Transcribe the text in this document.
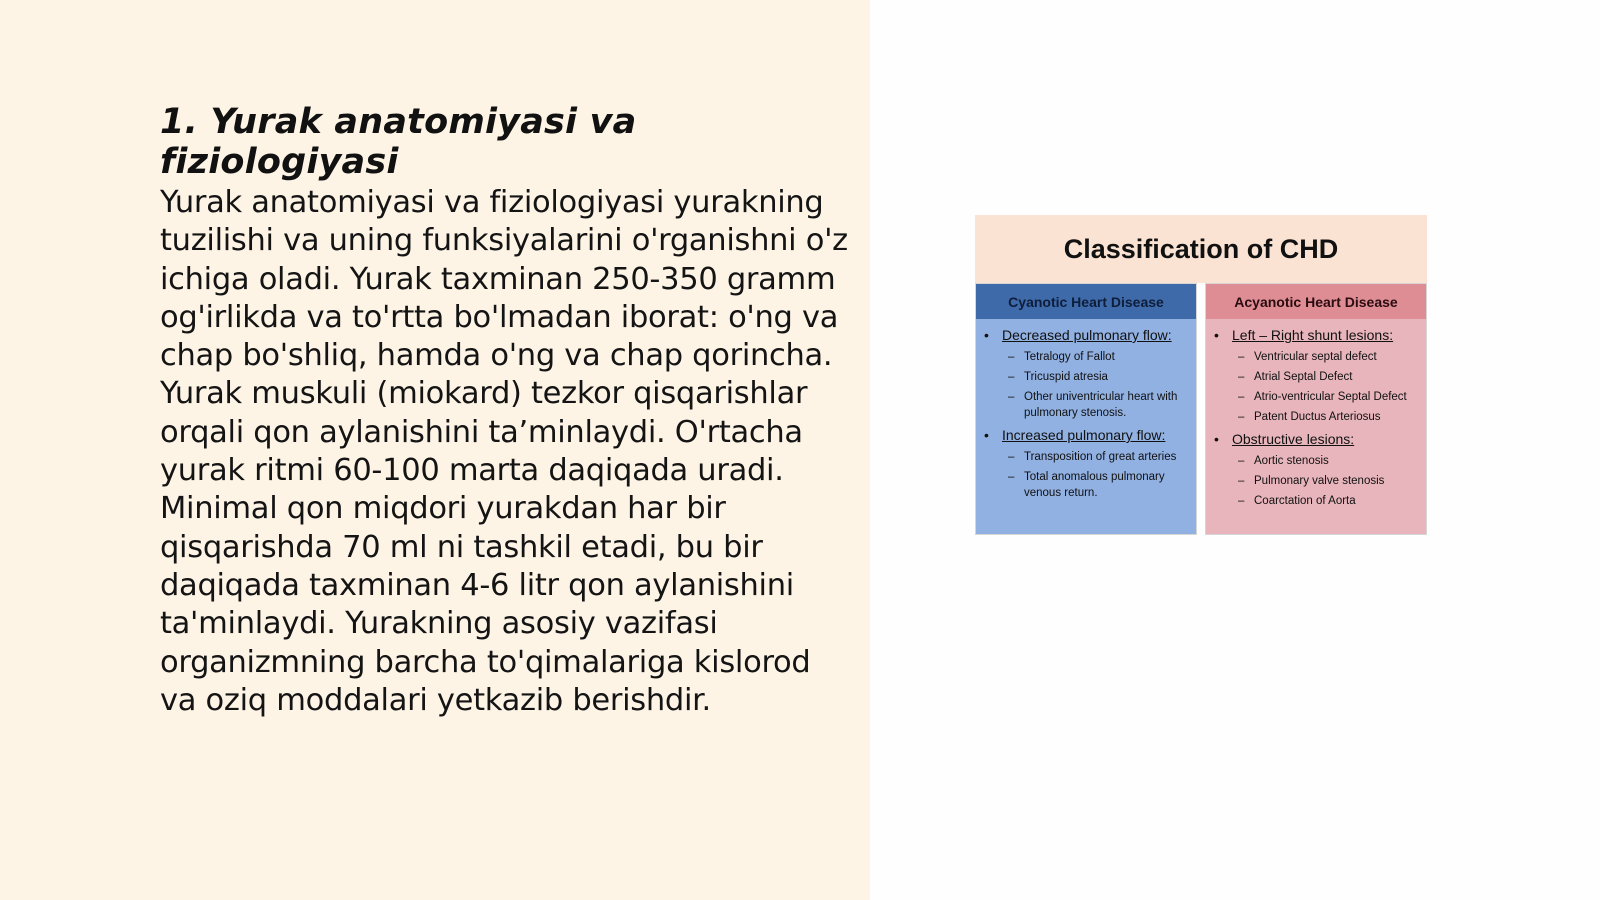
1. Yurak anatomiyasi va fiziologiyasi

Yurak anatomiyasi va fiziologiyasi yurakning tuzilishi va uning funksiyalarini o'rganishni o'z ichiga oladi. Yurak taxminan 250-350 gramm og'irlikda va to'rtta bo'lmadan iborat: o'ng va chap bo'shliq, hamda o'ng va chap qorincha. Yurak muskuli (miokard) tezkor qisqarishlar orqali qon aylanishini ta’minlaydi. O'rtacha yurak ritmi 60-100 marta daqiqada uradi. Minimal qon miqdori yurakdan har bir qisqarishda 70 ml ni tashkil etadi, bu bir daqiqada taxminan 4-6 litr qon aylanishini ta'minlaydi. Yurakning asosiy vazifasi organizmning barcha to'qimalariga kislorod va oziq moddalari yetkazib berishdir.

Classification of CHD
Cyanotic Heart Disease
• Decreased pulmonary flow:
– Tetralogy of Fallot
– Tricuspid atresia
– Other univentricular heart with pulmonary stenosis.
• Increased pulmonary flow:
– Transposition of great arteries
– Total anomalous pulmonary venous return.
Acyanotic Heart Disease
• Left – Right shunt lesions:
– Ventricular septal defect
– Atrial Septal Defect
– Atrio-ventricular Septal Defect
– Patent Ductus Arteriosus
• Obstructive lesions:
– Aortic stenosis
– Pulmonary valve stenosis
– Coarctation of Aorta
